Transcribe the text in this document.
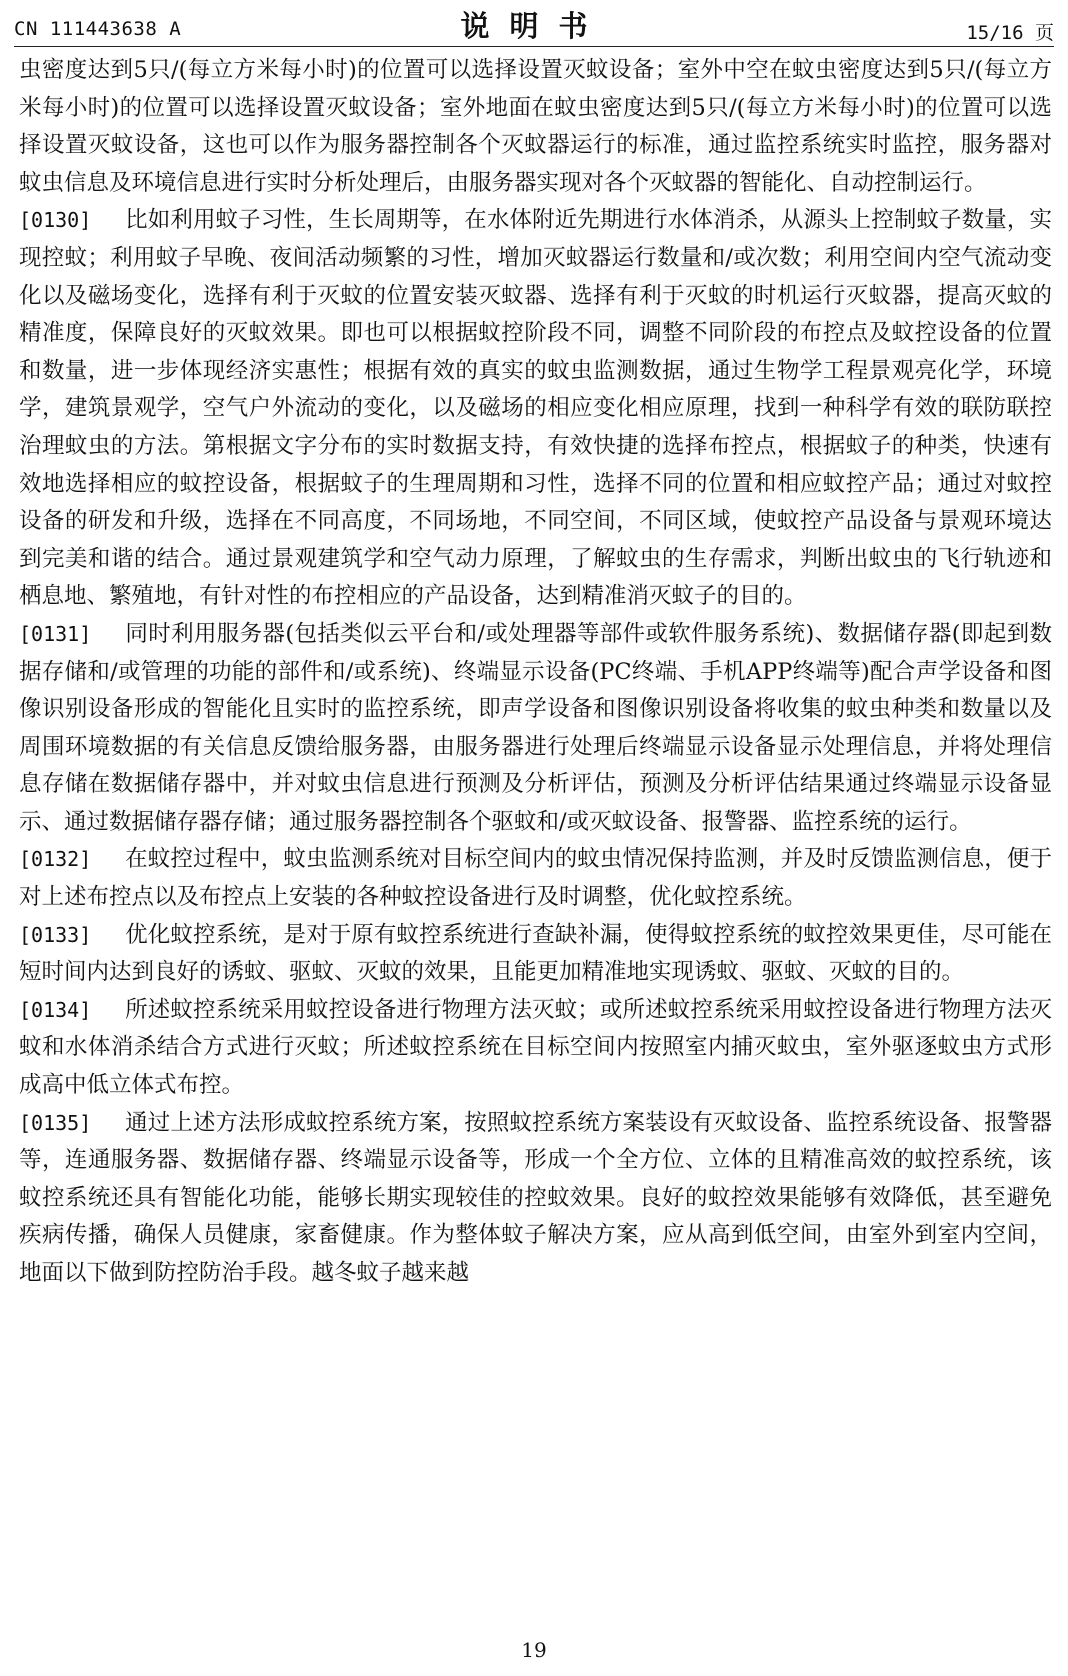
CN 111443638 A	说明书	15/16 页

虫密度达到5只/(每立方米每小时)的位置可以选择设置灭蚊设备；室外中空在蚊虫密度达到5只/(每立方米每小时)的位置可以选择设置灭蚊设备；室外地面在蚊虫密度达到5只/(每立方米每小时)的位置可以选择设置灭蚊设备，这也可以作为服务器控制各个灭蚊器运行的标准，通过监控系统实时监控，服务器对蚊虫信息及环境信息进行实时分析处理后，由服务器实现对各个灭蚊器的智能化、自动控制运行。

[0130] 比如利用蚊子习性，生长周期等，在水体附近先期进行水体消杀，从源头上控制蚊子数量，实现控蚊；利用蚊子早晚、夜间活动频繁的习性，增加灭蚊器运行数量和/或次数；利用空间内空气流动变化以及磁场变化，选择有利于灭蚊的位置安装灭蚊器、选择有利于灭蚊的时机运行灭蚊器，提高灭蚊的精准度，保障良好的灭蚊效果。即也可以根据蚊控阶段不同，调整不同阶段的布控点及蚊控设备的位置和数量，进一步体现经济实惠性；根据有效的真实的蚊虫监测数据，通过生物学工程景观亮化学，环境学，建筑景观学，空气户外流动的变化，以及磁场的相应变化相应原理，找到一种科学有效的联防联控治理蚊虫的方法。第根据文字分布的实时数据支持，有效快捷的选择布控点，根据蚊子的种类，快速有效地选择相应的蚊控设备，根据蚊子的生理周期和习性，选择不同的位置和相应蚊控产品；通过对蚊控设备的研发和升级，选择在不同高度，不同场地，不同空间，不同区域，使蚊控产品设备与景观环境达到完美和谐的结合。通过景观建筑学和空气动力原理，了解蚊虫的生存需求，判断出蚊虫的飞行轨迹和栖息地、繁殖地，有针对性的布控相应的产品设备，达到精准消灭蚊子的目的。

[0131] 同时利用服务器(包括类似云平台和/或处理器等部件或软件服务系统)、数据储存器(即起到数据存储和/或管理的功能的部件和/或系统)、终端显示设备(PC终端、手机APP终端等)配合声学设备和图像识别设备形成的智能化且实时的监控系统，即声学设备和图像识别设备将收集的蚊虫种类和数量以及周围环境数据的有关信息反馈给服务器，由服务器进行处理后终端显示设备显示处理信息，并将处理信息存储在数据储存器中，并对蚊虫信息进行预测及分析评估，预测及分析评估结果通过终端显示设备显示、通过数据储存器存储；通过服务器控制各个驱蚊和/或灭蚊设备、报警器、监控系统的运行。

[0132] 在蚊控过程中，蚊虫监测系统对目标空间内的蚊虫情况保持监测，并及时反馈监测信息，便于对上述布控点以及布控点上安装的各种蚊控设备进行及时调整，优化蚊控系统。

[0133] 优化蚊控系统，是对于原有蚊控系统进行查缺补漏，使得蚊控系统的蚊控效果更佳，尽可能在短时间内达到良好的诱蚊、驱蚊、灭蚊的效果，且能更加精准地实现诱蚊、驱蚊、灭蚊的目的。

[0134] 所述蚊控系统采用蚊控设备进行物理方法灭蚊；或所述蚊控系统采用蚊控设备进行物理方法灭蚊和水体消杀结合方式进行灭蚊；所述蚊控系统在目标空间内按照室内捕灭蚊虫，室外驱逐蚊虫方式形成高中低立体式布控。

[0135] 通过上述方法形成蚊控系统方案，按照蚊控系统方案装设有灭蚊设备、监控系统设备、报警器等，连通服务器、数据储存器、终端显示设备等，形成一个全方位、立体的且精准高效的蚊控系统，该蚊控系统还具有智能化功能，能够长期实现较佳的控蚊效果。良好的蚊控效果能够有效降低，甚至避免疾病传播，确保人员健康，家畜健康。作为整体蚊子解决方案，应从高到低空间，由室外到室内空间，地面以下做到防控防治手段。越冬蚊子越来越

19
